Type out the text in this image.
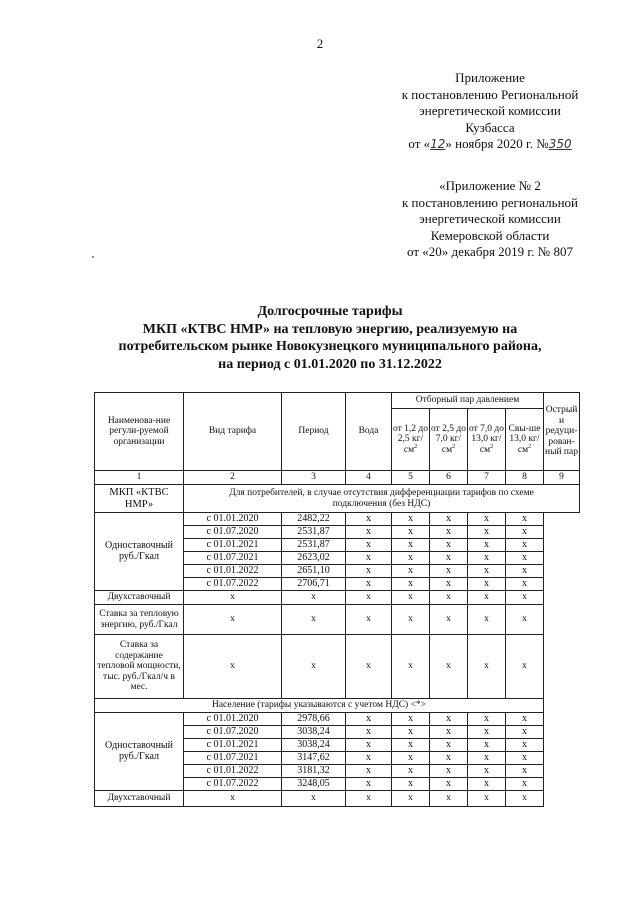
2
Приложение
к постановлению Региональной
энергетической комиссии
Кузбасса
от «12» ноября 2020 г. №350
«Приложение № 2
к постановлению региональной
энергетической комиссии
Кемеровской области
от «20» декабря 2019 г. № 807
Долгосрочные тарифы
МКП «КТВС НМР» на тепловую энергию, реализуемую на
потребительском рынке Новокузнецкого муниципального района,
на период с 01.01.2020 по 31.12.2022
Наименова-ние регули-руемой организации	Вид тарифа	Период	Вода	Отборный пар давлением				Острый и редуци-рован-ный пар
				от 1,2 до 2,5 $кг/см^2$	от 2,5 до 7,0 $кг/см^2$	от 7,0 до 13,0 $кг/см^2$	Свы-ше 13,0 $кг/см^2$
1	2	3	4	5	6	7	8	9
МКП «КТВС НМР»	Для потребителей, в случае отсутствия дифференциации тарифов по схеме подключения (без НДС)							
Одноставочный руб./Гкал	с 01.01.2020	2482,22	х	х	х	х	х	
	с 01.07.2020	2531,87	х	х	х	х	х	
	с 01.01.2021	2531,87	х	х	х	х	х	
	с 01.07.2021	2623,02	х	х	х	х	х	
	с 01.01.2022	2651,10	х	х	х	х	х	
	с 01.07.2022	2706,71	х	х	х	х	х	
Двухставочный	х	х	х	х	х	х	х	
Ставка за тепловую энергию, руб./Гкал	х	х	х	х	х	х	х	
Ставка за содержание тепловой мощности, тыс. руб./Гкал/ч в мес.	х	х	х	х	х	х	х	
Население (тарифы указываются с учетом НДС) <*>								
Одноставочный руб./Гкал	с 01.01.2020	2978,66	х	х	х	х	х	
	с 01.07.2020	3038,24	х	х	х	х	х	
	с 01.01.2021	3038,24	х	х	х	х	х	
	с 01.07.2021	3147,62	х	х	х	х	х	
	с 01.01.2022	3181,32	х	х	х	х	х	
	с 01.07.2022	3248,05	х	х	х	х	х	
Двухставочный	х	х	х	х	х	х	х	
